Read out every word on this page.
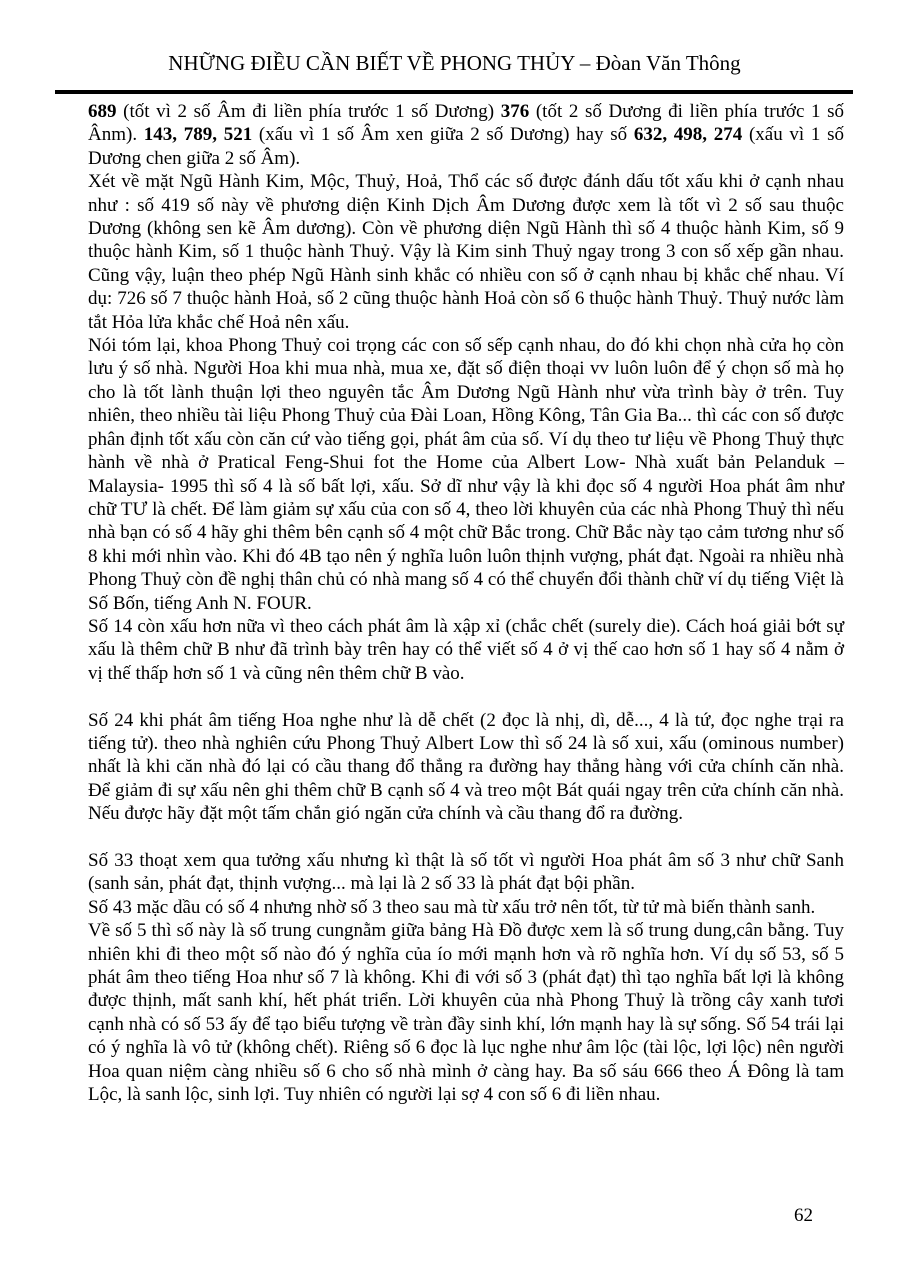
NHỮNG ĐIỀU CẦN BIẾT VỀ PHONG THỦY – Đòan Văn Thông

689 (tốt vì 2 số Âm đi liền phía trước 1 số Dương) 376 (tốt 2 số Dương đi liền phía trước 1 số Ânm). 143, 789, 521 (xấu vì 1 số Âm xen giữa 2 số Dương) hay số 632, 498, 274 (xấu vì 1 số Dương chen giữa 2 số Âm).

Xét về mặt Ngũ Hành Kim, Mộc, Thuỷ, Hoả, Thổ các số được đánh dấu tốt xấu khi ở cạnh nhau như : số 419 số này về phương diện Kinh Dịch Âm Dương được xem là tốt vì 2 số sau thuộc Dương (không sen kẽ Âm dương). Còn về phương diện Ngũ Hành thì số 4 thuộc hành Kim, số 9 thuộc hành Kim, số 1 thuộc hành Thuỷ. Vậy là Kim sinh Thuỷ ngay trong 3 con số xếp gần nhau. Cũng vậy, luận theo phép Ngũ Hành sinh khắc có nhiều con số ở cạnh nhau bị khắc chế nhau. Ví dụ: 726 số 7 thuộc hành Hoả, số 2 cũng thuộc hành Hoả còn số 6 thuộc hành Thuỷ. Thuỷ nước làm tắt Hỏa lửa khắc chế Hoả nên xấu.

Nói tóm lại, khoa Phong Thuỷ coi trọng các con số sếp cạnh nhau, do đó khi chọn nhà cửa họ còn lưu ý số nhà. Người Hoa khi mua nhà, mua xe, đặt số điện thoại vv luôn luôn để ý chọn số mà họ cho là tốt lành thuận lợi theo nguyên tắc Âm Dương Ngũ Hành như vừa trình bày ở trên. Tuy nhiên, theo nhiều tài liệu Phong Thuỷ của Đài Loan, Hồng Kông, Tân Gia Ba... thì các con số được phân định tốt xấu còn căn cứ vào tiếng gọi, phát âm của số. Ví dụ theo tư liệu về Phong Thuỷ thực hành về nhà ở Pratical Feng-Shui fot the Home của Albert Low- Nhà xuất bản Pelanduk – Malaysia- 1995 thì số 4 là số bất lợi, xấu. Sở dĩ như vậy là khi đọc số 4 người Hoa phát âm như chữ TƯ là chết. Để làm giảm sự xấu của con số 4, theo lời khuyên của các nhà Phong Thuỷ thì nếu nhà bạn có số 4 hãy ghi thêm bên cạnh số 4 một chữ Bắc trong. Chữ Bắc này tạo cảm tương như số 8 khi mới nhìn vào. Khi đó 4B tạo nên ý nghĩa luôn luôn thịnh vượng, phát đạt. Ngoài ra nhiều nhà Phong Thuỷ còn đề nghị thân chủ có nhà mang số 4 có thể chuyển đổi thành chữ ví dụ tiếng Việt là Số Bốn, tiếng Anh N. FOUR.

Số 14 còn xấu hơn nữa vì theo cách phát âm là xập xỉ (chắc chết (surely die). Cách hoá giải bớt sự xấu là thêm chữ B như đã trình bày trên hay có thể viết số 4 ở vị thế cao hơn số 1 hay số 4 nằm ở vị thế thấp hơn số 1 và cũng nên thêm chữ B vào.

Số 24 khi phát âm tiếng Hoa nghe như là dễ chết (2 đọc là nhị, dì, dễ..., 4 là tứ, đọc nghe trại ra tiếng tử). theo nhà nghiên cứu Phong Thuỷ Albert Low thì số 24 là số xui, xấu (ominous number) nhất là khi căn nhà đó lại có cầu thang đổ thẳng ra đường hay thẳng hàng với cửa chính căn nhà. Để giảm đi sự xấu nên ghi thêm chữ B cạnh số 4 và treo một Bát quái ngay trên cửa chính căn nhà. Nếu được hãy đặt một tấm chắn gió ngăn cửa chính và cầu thang đổ ra đường.

Số 33 thoạt xem qua tưởng xấu nhưng kì thật là số tốt vì người Hoa phát âm số 3 như chữ Sanh (sanh sản, phát đạt, thịnh vượng... mà lại là 2 số 33 là phát đạt bội phần.

Số 43 mặc dầu có số 4 nhưng nhờ số 3 theo sau mà từ xấu trở nên tốt, từ tử mà biến thành sanh.

Về số 5 thì số này là số trung cungnằm giữa bảng Hà Đồ được xem là số trung dung,cân bằng. Tuy nhiên khi đi theo một số nào đó ý nghĩa của ío mới mạnh hơn và rõ nghĩa hơn. Ví dụ số 53, số 5 phát âm theo tiếng Hoa như số 7 là không. Khi đi với số 3 (phát đạt) thì tạo nghĩa bất lợi là không được thịnh, mất sanh khí, hết phát triển. Lời khuyên của nhà Phong Thuỷ là trồng cây xanh tươi cạnh nhà có số 53 ấy để tạo biểu tượng về tràn đầy sinh khí, lớn mạnh hay là sự sống. Số 54 trái lại có ý nghĩa là vô tử (không chết). Riêng số 6 đọc là lục nghe như âm lộc (tài lộc, lợi lộc) nên người Hoa quan niệm càng nhiều số 6 cho số nhà mình ở càng hay. Ba số sáu 666 theo Á Đông là tam Lộc, là sanh lộc, sinh lợi. Tuy nhiên có người lại sợ 4 con số 6 đi liền nhau.

62
